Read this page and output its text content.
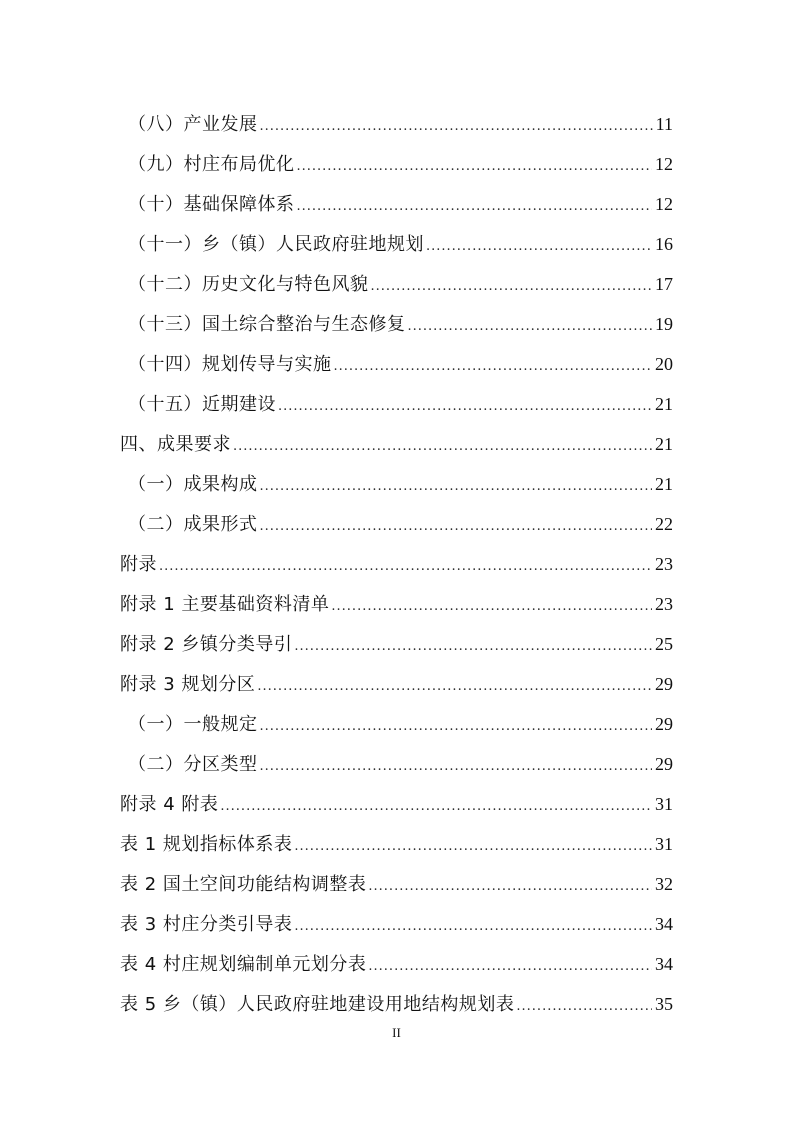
（八）产业发展 .....	11
（九）村庄布局优化 .....	12
（十）基础保障体系 .....	12
（十一）乡（镇）人民政府驻地规划 .....	16
（十二）历史文化与特色风貌 .....	17
（十三）国土综合整治与生态修复 .....	19
（十四）规划传导与实施 .....	20
（十五）近期建设 .....	21
四、成果要求 .....	21
（一）成果构成 .....	21
（二）成果形式 .....	22
附录 .....	23
附录 1 主要基础资料清单 .....	23
附录 2 乡镇分类导引 .....	25
附录 3 规划分区 .....	29
（一）一般规定 .....	29
（二）分区类型 .....	29
附录 4 附表 .....	31
表 1 规划指标体系表 .....	31
表 2 国土空间功能结构调整表 .....	32
表 3 村庄分类引导表 .....	34
表 4 村庄规划编制单元划分表 .....	34
表 5 乡（镇）人民政府驻地建设用地结构规划表 .....	35
II
